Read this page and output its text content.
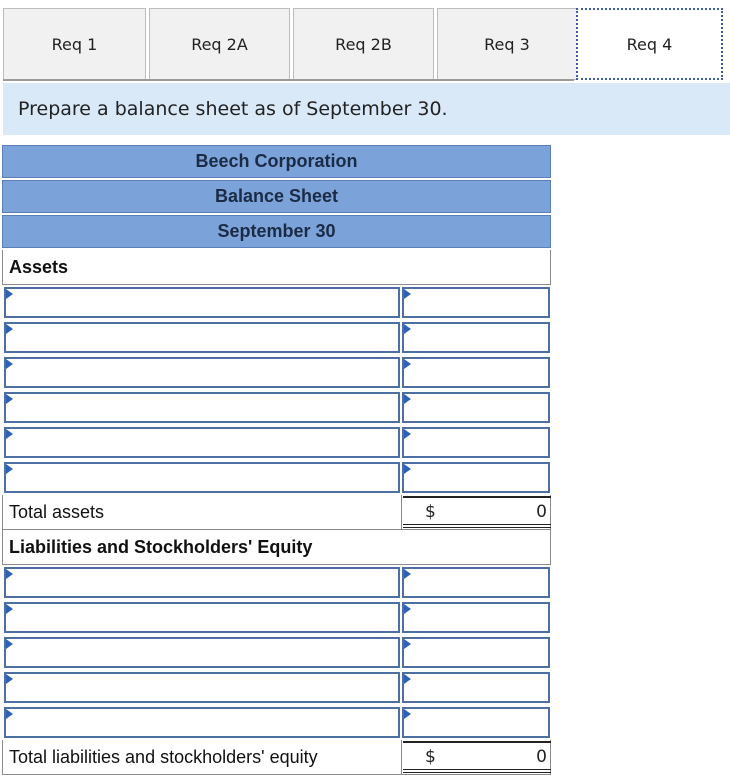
Req 1	Req 2A	Req 2B	Req 3	Req 4
Prepare a balance sheet as of September 30.
Beech Corporation
Balance Sheet
September 30
Assets
Total assets	$	0
Liabilities and Stockholders' Equity
Total liabilities and stockholders' equity	$	0
